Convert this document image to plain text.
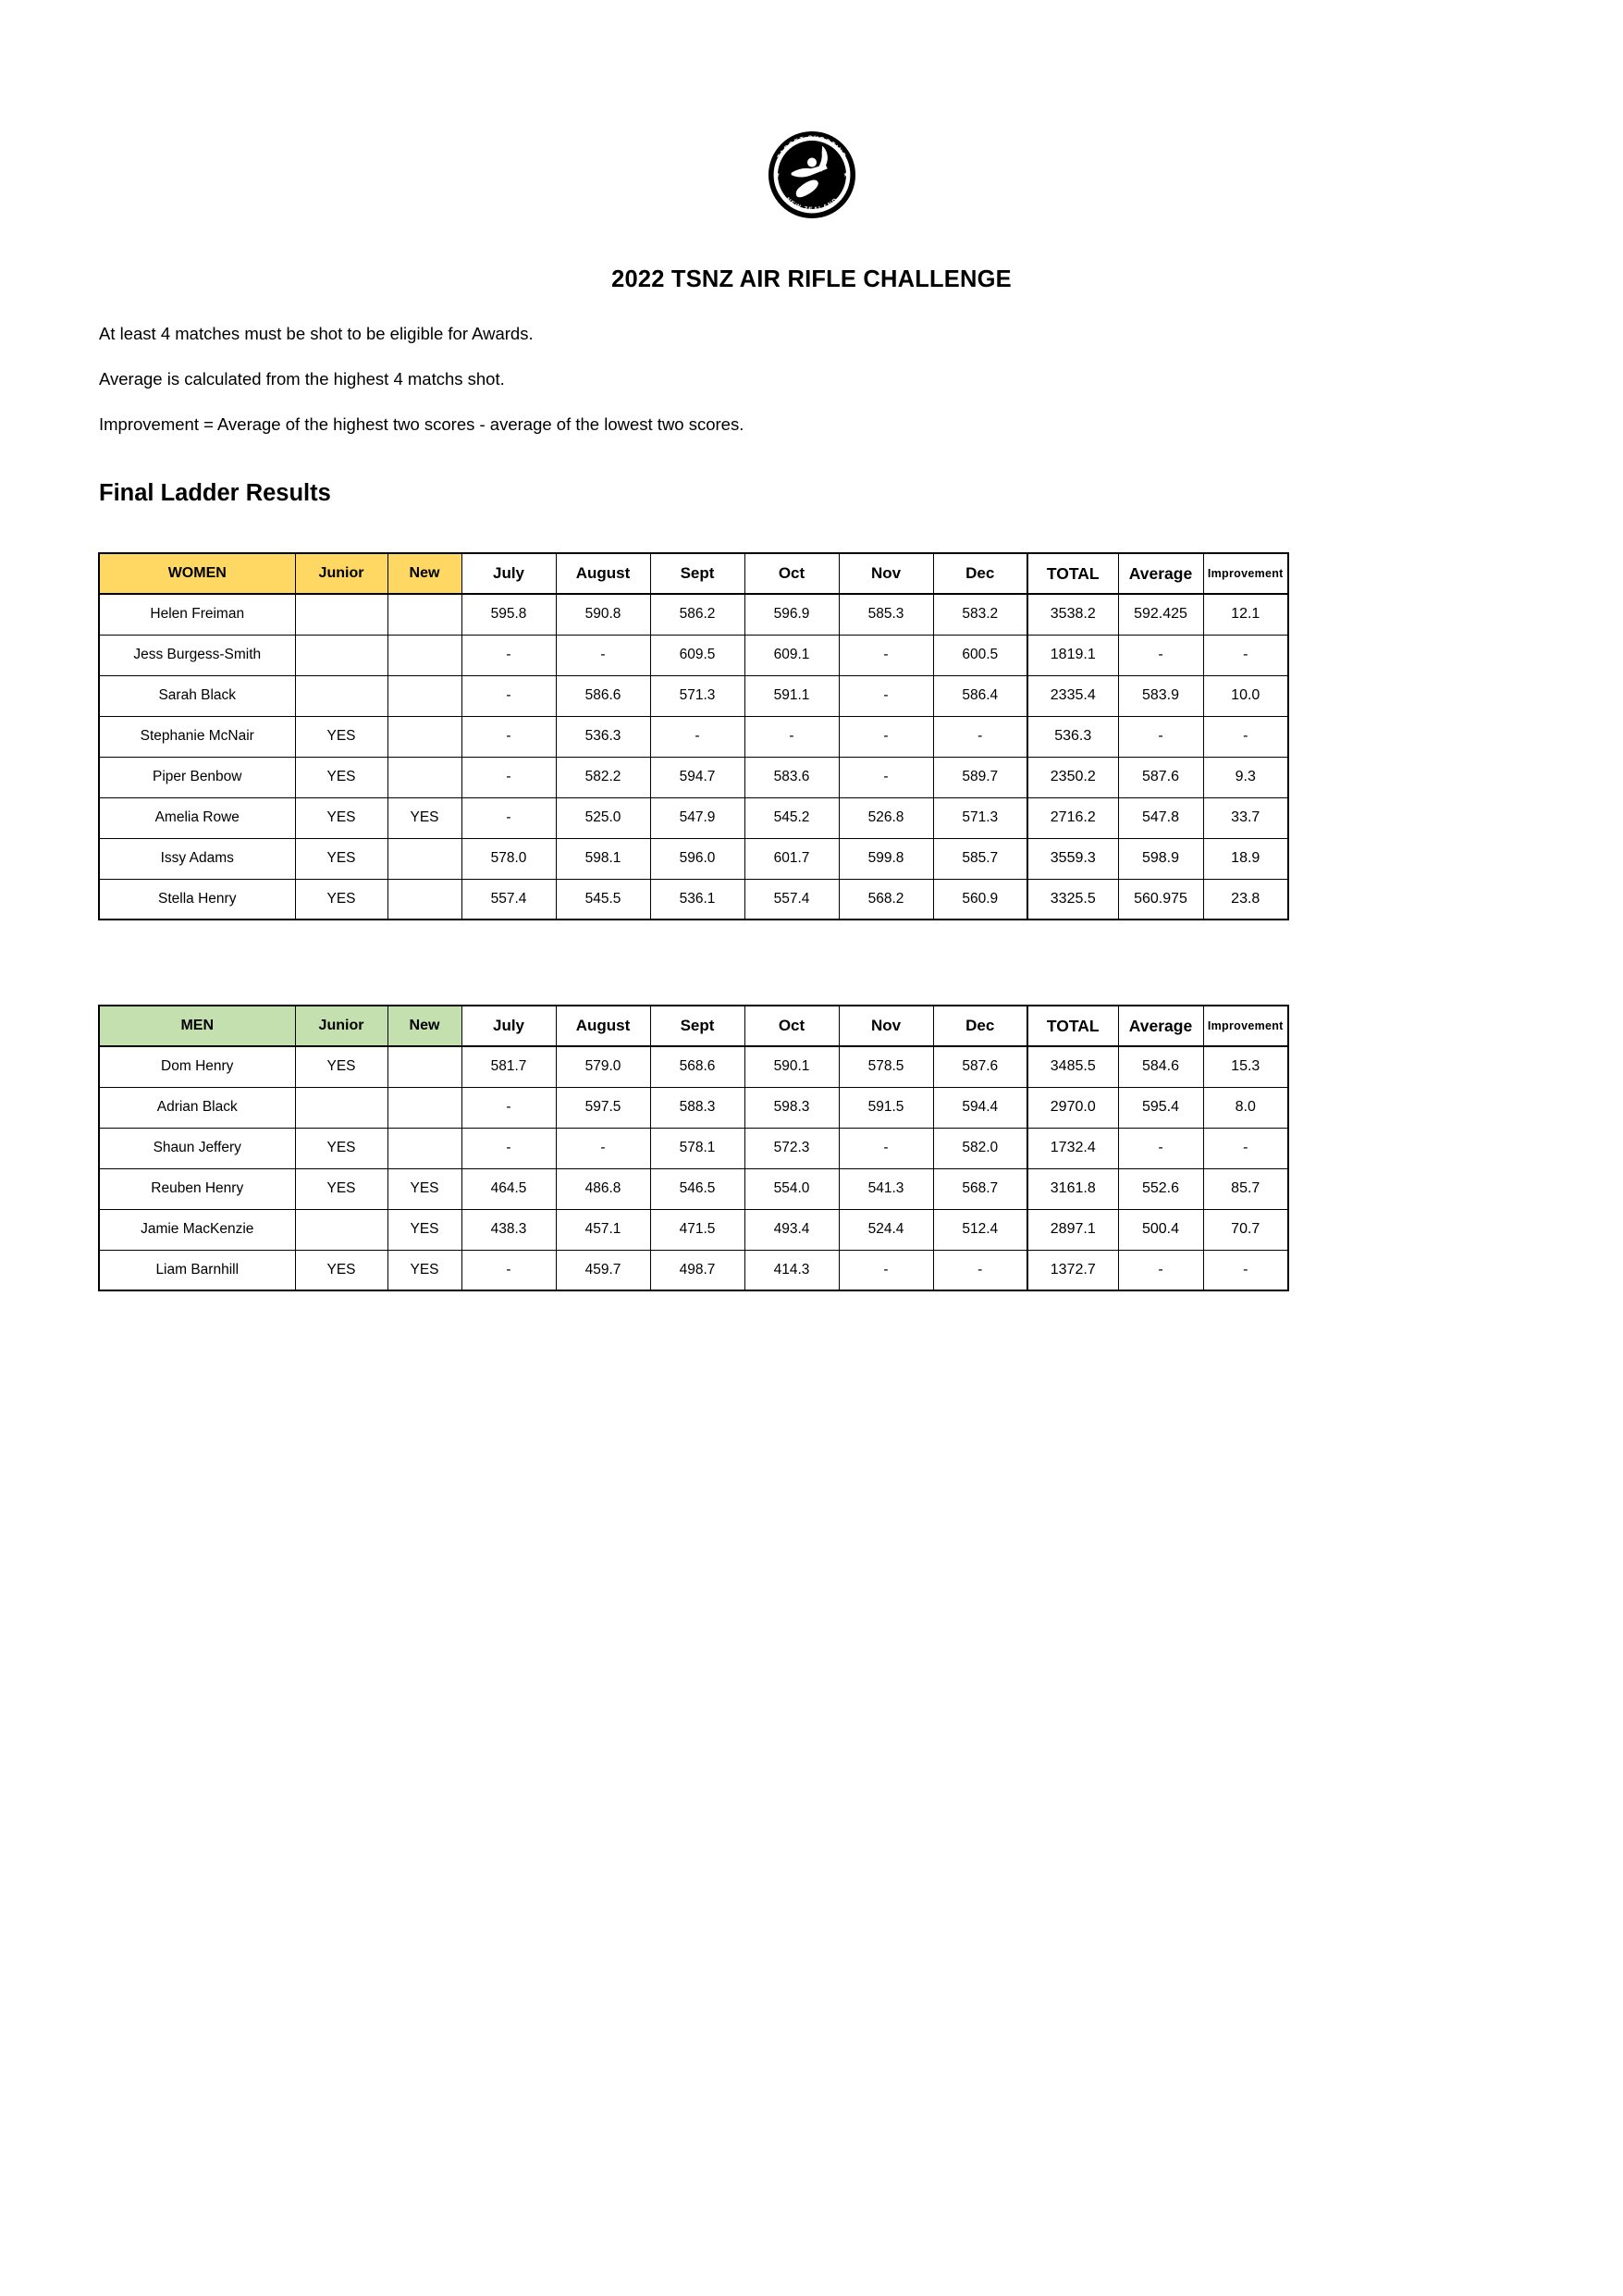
TARGET SHOOTING
NEW ZEALAND
★	★
2022 TSNZ AIR RIFLE CHALLENGE

At least 4 matches must be shot to be eligible for Awards.

Average is calculated from the highest 4 matchs shot.

Improvement = Average of the highest two scores - average of the lowest two scores.

Final Ladder Results
WOMEN	Junior	New	July	August	Sept	Oct	Nov	Dec	TOTAL	Average	Improvement
Helen Freiman			595.8	590.8	586.2	596.9	585.3	583.2	3538.2	592.425	12.1
Jess Burgess-Smith			-	-	609.5	609.1	-	600.5	1819.1	-	-
Sarah Black			-	586.6	571.3	591.1	-	586.4	2335.4	583.9	10.0
Stephanie McNair	YES		-	536.3	-	-	-	-	536.3	-	-
Piper Benbow	YES		-	582.2	594.7	583.6	-	589.7	2350.2	587.6	9.3
Amelia Rowe	YES	YES	-	525.0	547.9	545.2	526.8	571.3	2716.2	547.8	33.7
Issy Adams	YES		578.0	598.1	596.0	601.7	599.8	585.7	3559.3	598.9	18.9
Stella Henry	YES		557.4	545.5	536.1	557.4	568.2	560.9	3325.5	560.975	23.8
MEN	Junior	New	July	August	Sept	Oct	Nov	Dec	TOTAL	Average	Improvement
Dom Henry	YES		581.7	579.0	568.6	590.1	578.5	587.6	3485.5	584.6	15.3
Adrian Black			-	597.5	588.3	598.3	591.5	594.4	2970.0	595.4	8.0
Shaun Jeffery	YES		-	-	578.1	572.3	-	582.0	1732.4	-	-
Reuben Henry	YES	YES	464.5	486.8	546.5	554.0	541.3	568.7	3161.8	552.6	85.7
Jamie MacKenzie		YES	438.3	457.1	471.5	493.4	524.4	512.4	2897.1	500.4	70.7
Liam Barnhill	YES	YES	-	459.7	498.7	414.3	-	-	1372.7	-	-
